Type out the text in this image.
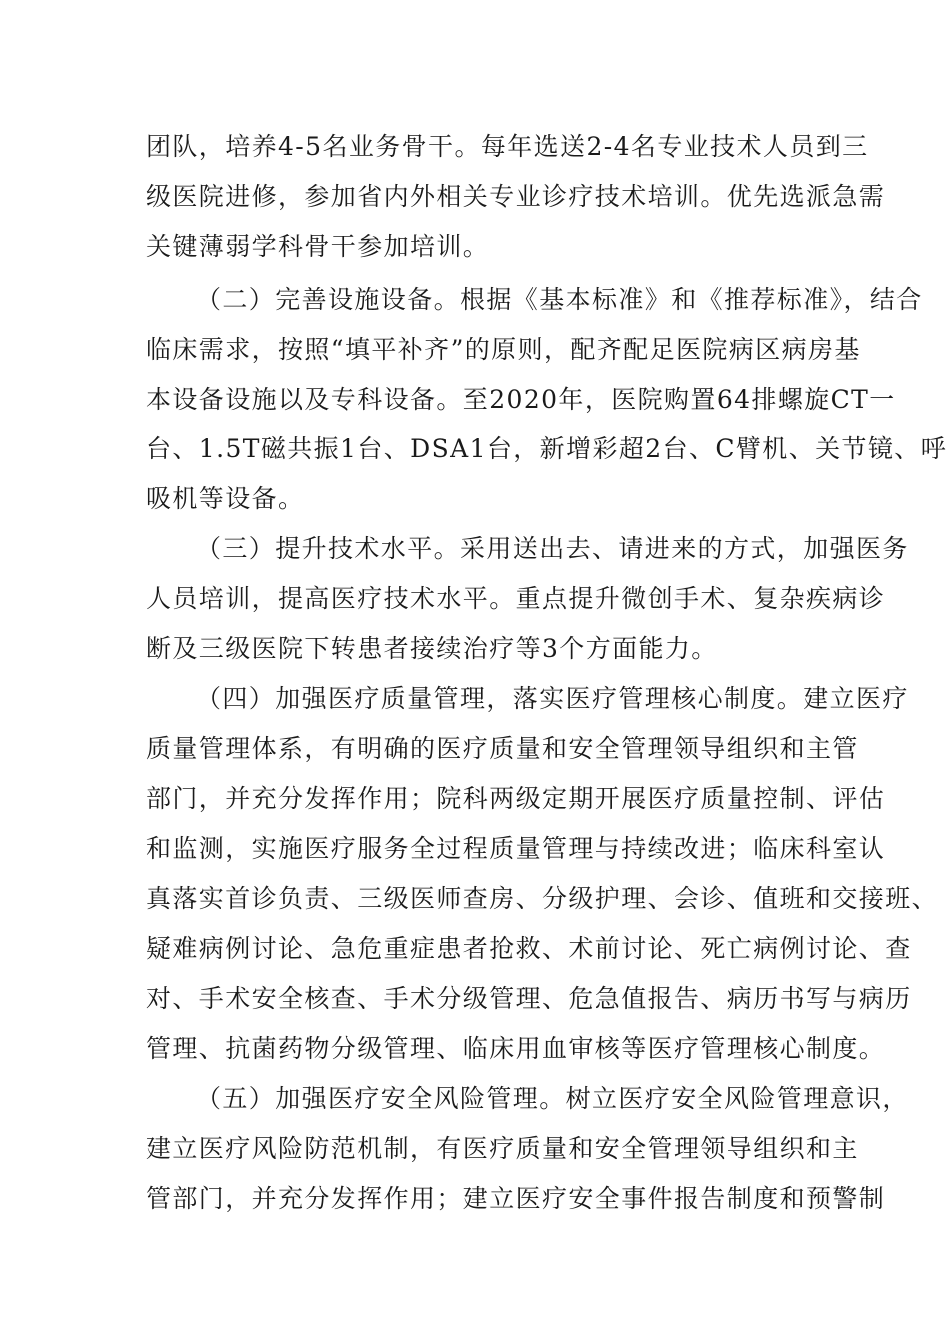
团队，培养4-5名业务骨干。每年选送2-4名专业技术人员到三
级医院进修，参加省内外相关专业诊疗技术培训。优先选派急需
关键薄弱学科骨干参加培训。
（二）完善设施设备。根据《基本标准》和《推荐标准》，结合
临床需求，按照“填平补齐”的原则，配齐配足医院病区病房基
本设备设施以及专科设备。至2020年，医院购置64排螺旋CT一
台、1.5T磁共振1台、DSA1台，新增彩超2台、C臂机、关节镜、呼
吸机等设备。
（三）提升技术水平。采用送出去、请进来的方式，加强医务
人员培训，提高医疗技术水平。重点提升微创手术、复杂疾病诊
断及三级医院下转患者接续治疗等3个方面能力。
（四）加强医疗质量管理，落实医疗管理核心制度。建立医疗
质量管理体系，有明确的医疗质量和安全管理领导组织和主管
部门，并充分发挥作用；院科两级定期开展医疗质量控制、评估
和监测，实施医疗服务全过程质量管理与持续改进；临床科室认
真落实首诊负责、三级医师查房、分级护理、会诊、值班和交接班、
疑难病例讨论、急危重症患者抢救、术前讨论、死亡病例讨论、查
对、手术安全核查、手术分级管理、危急值报告、病历书写与病历
管理、抗菌药物分级管理、临床用血审核等医疗管理核心制度。
（五）加强医疗安全风险管理。树立医疗安全风险管理意识，
建立医疗风险防范机制，有医疗质量和安全管理领导组织和主
管部门，并充分发挥作用；建立医疗安全事件报告制度和预警制
